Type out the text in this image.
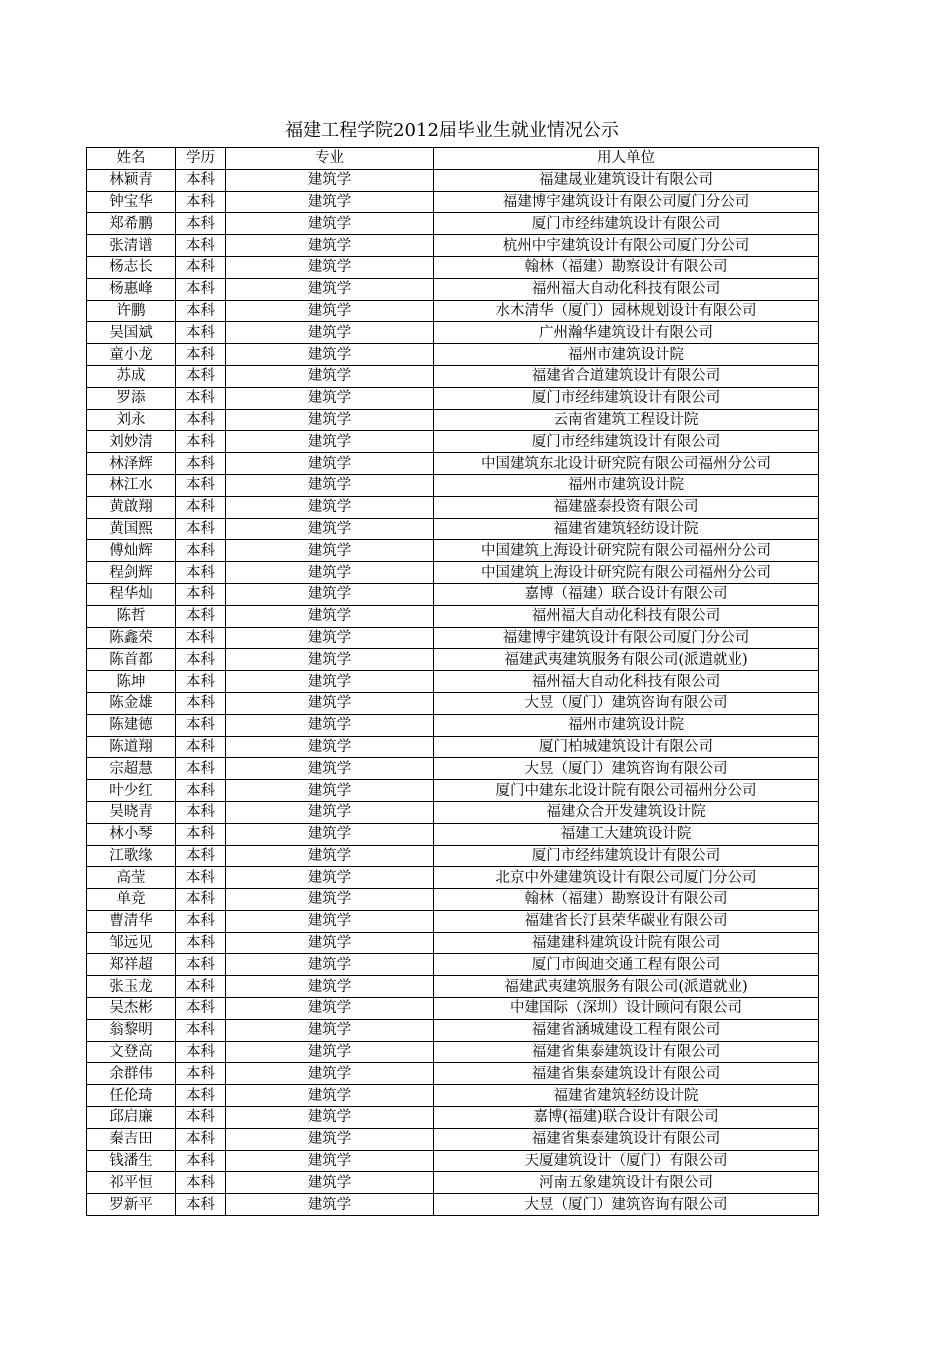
福建工程学院2012届毕业生就业情况公示
姓名	学历	专业	用人单位
林颖青	本科	建筑学	福建晟业建筑设计有限公司
钟宝华	本科	建筑学	福建博宇建筑设计有限公司厦门分公司
郑希鹏	本科	建筑学	厦门市经纬建筑设计有限公司
张清谱	本科	建筑学	杭州中宇建筑设计有限公司厦门分公司
杨志长	本科	建筑学	翰林（福建）勘察设计有限公司
杨惠峰	本科	建筑学	福州福大自动化科技有限公司
许鹏	本科	建筑学	水木清华（厦门）园林规划设计有限公司
吴国斌	本科	建筑学	广州瀚华建筑设计有限公司
童小龙	本科	建筑学	福州市建筑设计院
苏成	本科	建筑学	福建省合道建筑设计有限公司
罗添	本科	建筑学	厦门市经纬建筑设计有限公司
刘永	本科	建筑学	云南省建筑工程设计院
刘妙清	本科	建筑学	厦门市经纬建筑设计有限公司
林泽辉	本科	建筑学	中国建筑东北设计研究院有限公司福州分公司
林江水	本科	建筑学	福州市建筑设计院
黄啟翔	本科	建筑学	福建盛泰投资有限公司
黄国熙	本科	建筑学	福建省建筑轻纺设计院
傅灿辉	本科	建筑学	中国建筑上海设计研究院有限公司福州分公司
程剑辉	本科	建筑学	中国建筑上海设计研究院有限公司福州分公司
程华灿	本科	建筑学	嘉博（福建）联合设计有限公司
陈哲	本科	建筑学	福州福大自动化科技有限公司
陈鑫荣	本科	建筑学	福建博宇建筑设计有限公司厦门分公司
陈首都	本科	建筑学	福建武夷建筑服务有限公司(派遣就业)
陈坤	本科	建筑学	福州福大自动化科技有限公司
陈金雄	本科	建筑学	大昱（厦门）建筑咨询有限公司
陈建德	本科	建筑学	福州市建筑设计院
陈道翔	本科	建筑学	厦门柏城建筑设计有限公司
宗超慧	本科	建筑学	大昱（厦门）建筑咨询有限公司
叶少红	本科	建筑学	厦门中建东北设计院有限公司福州分公司
吴晓青	本科	建筑学	福建众合开发建筑设计院
林小琴	本科	建筑学	福建工大建筑设计院
江歌缘	本科	建筑学	厦门市经纬建筑设计有限公司
高莹	本科	建筑学	北京中外建建筑设计有限公司厦门分公司
单竞	本科	建筑学	翰林（福建）勘察设计有限公司
曹清华	本科	建筑学	福建省长汀县荣华碳业有限公司
邹远见	本科	建筑学	福建建科建筑设计院有限公司
郑祥超	本科	建筑学	厦门市闽迪交通工程有限公司
张玉龙	本科	建筑学	福建武夷建筑服务有限公司(派遣就业)
吴杰彬	本科	建筑学	中建国际（深圳）设计顾问有限公司
翁黎明	本科	建筑学	福建省涵城建设工程有限公司
文登高	本科	建筑学	福建省集泰建筑设计有限公司
余群伟	本科	建筑学	福建省集泰建筑设计有限公司
任伦琦	本科	建筑学	福建省建筑轻纺设计院
邱启廉	本科	建筑学	嘉博(福建)联合设计有限公司
秦吉田	本科	建筑学	福建省集泰建筑设计有限公司
钱潘生	本科	建筑学	天厦建筑设计（厦门）有限公司
祁平恒	本科	建筑学	河南五象建筑设计有限公司
罗新平	本科	建筑学	大昱（厦门）建筑咨询有限公司
